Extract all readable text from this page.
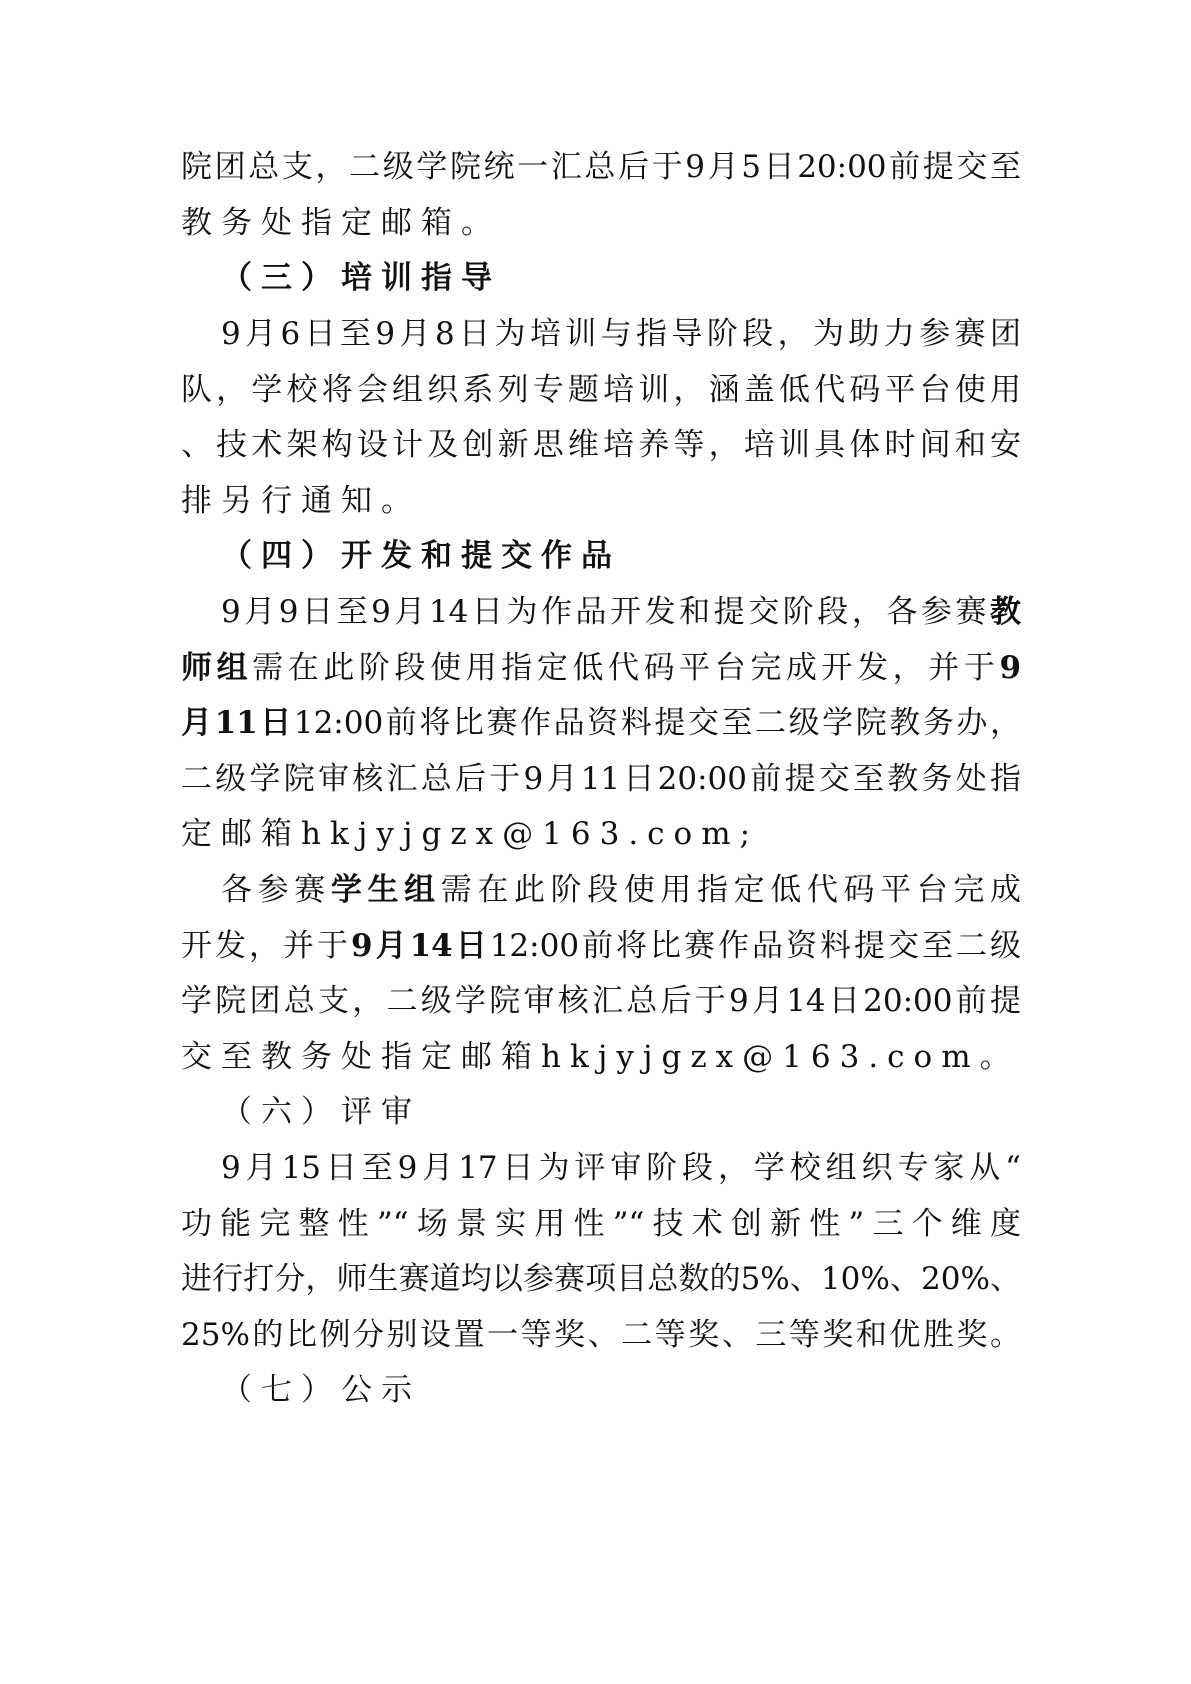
院团总支，二级学院统一汇总后于9月5日20:00前提交至
教务处指定邮箱。
（三）培训指导
9月6日至9月8日为培训与指导阶段，为助力参赛团
队，学校将会组织系列专题培训，涵盖低代码平台使用
、技术架构设计及创新思维培养等，培训具体时间和安
排另行通知。
（四）开发和提交作品
9月9日至9月14日为作品开发和提交阶段，各参赛教
师组需在此阶段使用指定低代码平台完成开发，并于9
月11日12:00前将比赛作品资料提交至二级学院教务办，
二级学院审核汇总后于9月11日20:00前提交至教务处指
定邮箱hkjyjgzx@163.com;
各参赛学生组需在此阶段使用指定低代码平台完成
开发，并于9月14日12:00前将比赛作品资料提交至二级
学院团总支，二级学院审核汇总后于9月14日20:00前提
交至教务处指定邮箱hkjyjgzx@163.com。
（六）评审
9月15日至9月17日为评审阶段，学校组织专家从“
功能完整性”“场景实用性”“技术创新性”三个维度
进行打分，师生赛道均以参赛项目总数的5%、10%、20%、
25%的比例分别设置一等奖、二等奖、三等奖和优胜奖。
（七）公示
